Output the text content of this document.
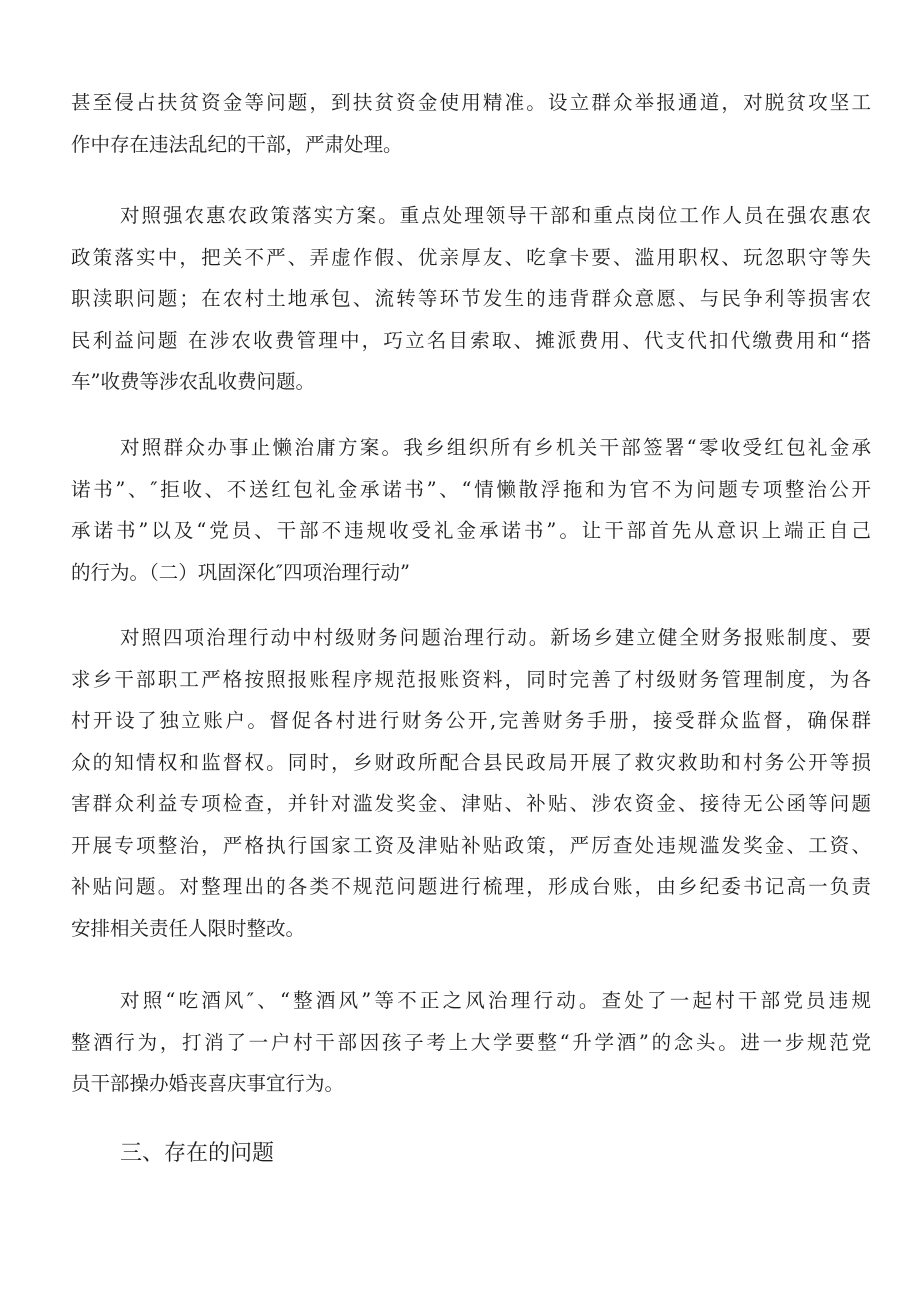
甚至侵占扶贫资金等问题，到扶贫资金使用精准。设立群众举报通道，对脱贫攻坚工
作中存在违法乱纪的干部，严肃处理。

对照强农惠农政策落实方案。重点处理领导干部和重点岗位工作人员在强农惠农
政策落实中，把关不严、弄虚作假、优亲厚友、吃拿卡要、滥用职权、玩忽职守等失
职渎职问题；在农村土地承包、流转等环节发生的违背群众意愿、与民争利等损害农
民利益问题 在涉农收费管理中，巧立名目索取、摊派费用、代支代扣代缴费用和“搭
车”收费等涉农乱收费问题。

对照群众办事止懒治庸方案。我乡组织所有乡机关干部签署“零收受红包礼金承
诺书”、″拒收、不送红包礼金承诺书”、“情懒散浮拖和为官不为问题专项整治公开
承诺书”以及“党员、干部不违规收受礼金承诺书”。让干部首先从意识上端正自己
的行为。（二）巩固深化″四项治理行动”

对照四项治理行动中村级财务问题治理行动。新场乡建立健全财务报账制度、要
求乡干部职工严格按照报账程序规范报账资料，同时完善了村级财务管理制度，为各
村开设了独立账户。督促各村进行财务公开,完善财务手册，接受群众监督，确保群
众的知情权和监督权。同时，乡财政所配合县民政局开展了救灾救助和村务公开等损
害群众利益专项检查，并针对滥发奖金、津贴、补贴、涉农资金、接待无公函等问题
开展专项整治，严格执行国家工资及津贴补贴政策，严厉查处违规滥发奖金、工资、
补贴问题。对整理出的各类不规范问题进行梳理，形成台账，由乡纪委书记高一负责
安排相关责任人限时整改。

对照“吃酒风″、“整酒风”等不正之风治理行动。查处了一起村干部党员违规
整酒行为，打消了一户村干部因孩子考上大学要整“升学酒”的念头。进一步规范党
员干部操办婚丧喜庆事宜行为。

三、存在的问题
